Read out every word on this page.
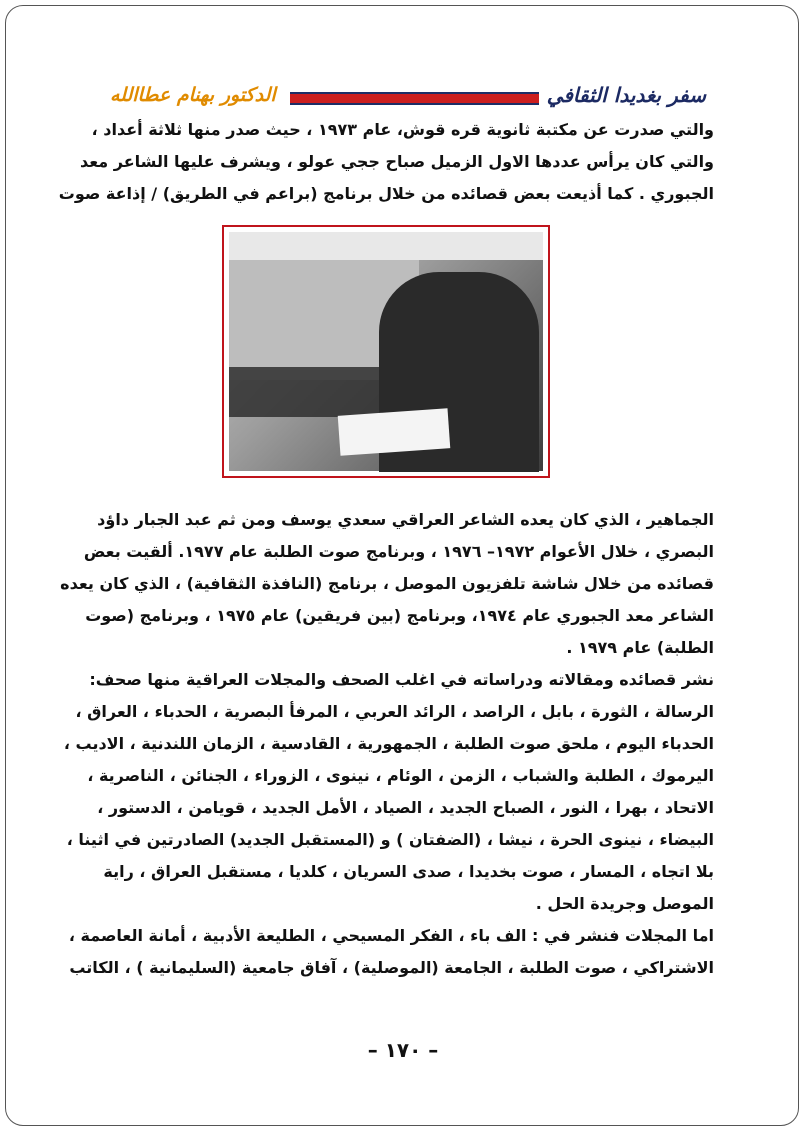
الدكتور بهنام عطاالله	سفر بغديدا الثقافي

والتي صدرت عن مكتبة ثانوية قره قوش، عام ١٩٧٣ ، حيث صدر منها ثلاثة أعداد ،

والتي كان يرأس عددها الاول الزميل صباح ججي عولو ، ويشرف عليها الشاعر معد

الجبوري . كما أذيعت بعض قصائده من خلال برنامج (براعم في الطريق) / إذاعة صوت

الجماهير ، الذي كان يعده الشاعر العراقي سعدي يوسف ومن ثم عبد الجبار داؤد

البصري ، خلال الأعوام ١٩٧٢– ١٩٧٦ ، وبرنامج صوت الطلبة عام ١٩٧٧. ألقيت بعض

قصائده من خلال شاشة تلفزيون الموصل ، برنامج (النافذة الثقافية) ، الذي كان يعده

الشاعر معد الجبوري عام ١٩٧٤، وبرنامج (بين فريقين) عام ١٩٧٥ ، وبرنامج (صوت

الطلبة) عام ١٩٧٩ .

نشر قصائده ومقالاته ودراساته في اغلب الصحف والمجلات العراقية منها صحف:

الرسالة ، الثورة ، بابل ، الراصد ، الرائد العربي ، المرفأ البصرية ، الحدباء ، العراق ،

الحدباء اليوم ، ملحق صوت الطلبة ، الجمهورية ، القادسية ، الزمان اللندنية ، الاديب ،

اليرموك ، الطلبة والشباب ، الزمن ، الوئام ، نينوى ، الزوراء ، الجنائن ، الناصرية ،

الاتحاد ، بهرا ، النور ، الصباح الجديد ، الصياد ، الأمل الجديد ، قويامن ، الدستور ،

البيضاء ، نينوى الحرة ، نيشا ، (الضفتان ) و (المستقبل الجديد) الصادرتين في اثينا ،

بلا اتجاه ، المسار ، صوت بخديدا ، صدى السريان ، كلديا ، مستقبل العراق ، راية

الموصل وجريدة الحل .

اما المجلات فنشر في : الف باء ، الفكر المسيحي ، الطليعة الأدبية ، أمانة العاصمة ،

الاشتراكي ، صوت الطلبة ، الجامعة (الموصلية) ، آفاق جامعية (السليمانية ) ، الكاتب

– ١٧٠ –
